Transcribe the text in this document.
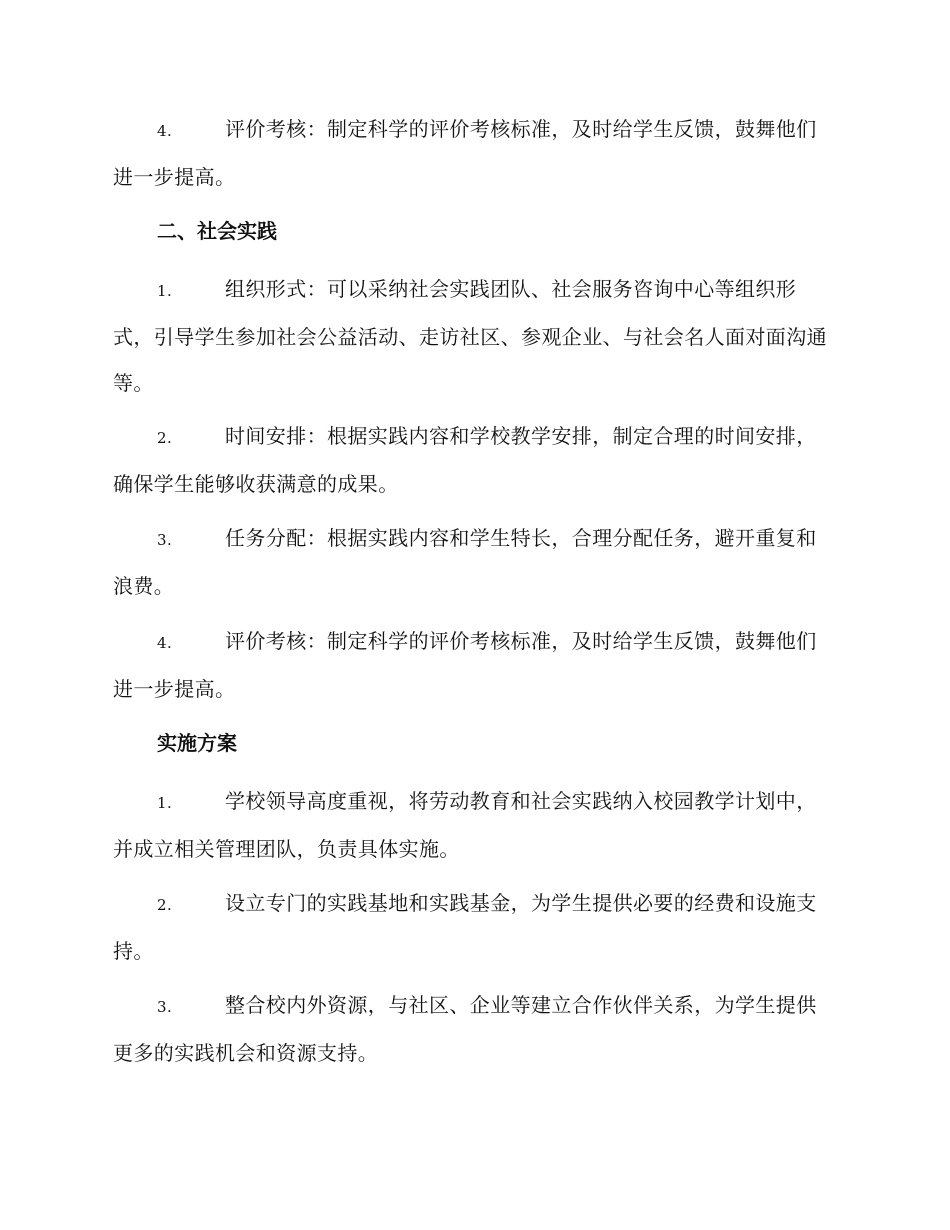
4.	评价考核：制定科学的评价考核标准，及时给学生反馈，鼓舞他们进一步提高。
二、社会实践
1.	组织形式：可以采纳社会实践团队、社会服务咨询中心等组织形式，引导学生参加社会公益活动、走访社区、参观企业、与社会名人面对面沟通等。
2.	时间安排：根据实践内容和学校教学安排，制定合理的时间安排，确保学生能够收获满意的成果。
3.	任务分配：根据实践内容和学生特长，合理分配任务，避开重复和浪费。
4.	评价考核：制定科学的评价考核标准，及时给学生反馈，鼓舞他们进一步提高。
实施方案
1.	学校领导高度重视，将劳动教育和社会实践纳入校园教学计划中，并成立相关管理团队，负责具体实施。
2.	设立专门的实践基地和实践基金，为学生提供必要的经费和设施支持。
3.	整合校内外资源，与社区、企业等建立合作伙伴关系，为学生提供更多的实践机会和资源支持。
